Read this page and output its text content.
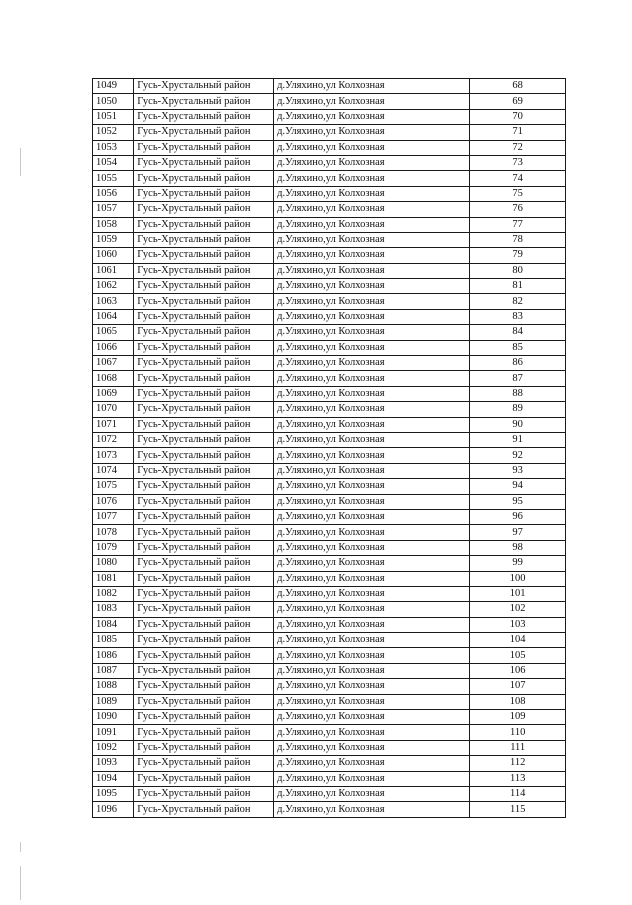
1049	Гусь-Хрустальный район	д.Уляхино,ул Колхозная	68
1050	Гусь-Хрустальный район	д.Уляхино,ул Колхозная	69
1051	Гусь-Хрустальный район	д.Уляхино,ул Колхозная	70
1052	Гусь-Хрустальный район	д.Уляхино,ул Колхозная	71
1053	Гусь-Хрустальный район	д.Уляхино,ул Колхозная	72
1054	Гусь-Хрустальный район	д.Уляхино,ул Колхозная	73
1055	Гусь-Хрустальный район	д.Уляхино,ул Колхозная	74
1056	Гусь-Хрустальный район	д.Уляхино,ул Колхозная	75
1057	Гусь-Хрустальный район	д.Уляхино,ул Колхозная	76
1058	Гусь-Хрустальный район	д.Уляхино,ул Колхозная	77
1059	Гусь-Хрустальный район	д.Уляхино,ул Колхозная	78
1060	Гусь-Хрустальный район	д.Уляхино,ул Колхозная	79
1061	Гусь-Хрустальный район	д.Уляхино,ул Колхозная	80
1062	Гусь-Хрустальный район	д.Уляхино,ул Колхозная	81
1063	Гусь-Хрустальный район	д.Уляхино,ул Колхозная	82
1064	Гусь-Хрустальный район	д.Уляхино,ул Колхозная	83
1065	Гусь-Хрустальный район	д.Уляхино,ул Колхозная	84
1066	Гусь-Хрустальный район	д.Уляхино,ул Колхозная	85
1067	Гусь-Хрустальный район	д.Уляхино,ул Колхозная	86
1068	Гусь-Хрустальный район	д.Уляхино,ул Колхозная	87
1069	Гусь-Хрустальный район	д.Уляхино,ул Колхозная	88
1070	Гусь-Хрустальный район	д.Уляхино,ул Колхозная	89
1071	Гусь-Хрустальный район	д.Уляхино,ул Колхозная	90
1072	Гусь-Хрустальный район	д.Уляхино,ул Колхозная	91
1073	Гусь-Хрустальный район	д.Уляхино,ул Колхозная	92
1074	Гусь-Хрустальный район	д.Уляхино,ул Колхозная	93
1075	Гусь-Хрустальный район	д.Уляхино,ул Колхозная	94
1076	Гусь-Хрустальный район	д.Уляхино,ул Колхозная	95
1077	Гусь-Хрустальный район	д.Уляхино,ул Колхозная	96
1078	Гусь-Хрустальный район	д.Уляхино,ул Колхозная	97
1079	Гусь-Хрустальный район	д.Уляхино,ул Колхозная	98
1080	Гусь-Хрустальный район	д.Уляхино,ул Колхозная	99
1081	Гусь-Хрустальный район	д.Уляхино,ул Колхозная	100
1082	Гусь-Хрустальный район	д.Уляхино,ул Колхозная	101
1083	Гусь-Хрустальный район	д.Уляхино,ул Колхозная	102
1084	Гусь-Хрустальный район	д.Уляхино,ул Колхозная	103
1085	Гусь-Хрустальный район	д.Уляхино,ул Колхозная	104
1086	Гусь-Хрустальный район	д.Уляхино,ул Колхозная	105
1087	Гусь-Хрустальный район	д.Уляхино,ул Колхозная	106
1088	Гусь-Хрустальный район	д.Уляхино,ул Колхозная	107
1089	Гусь-Хрустальный район	д.Уляхино,ул Колхозная	108
1090	Гусь-Хрустальный район	д.Уляхино,ул Колхозная	109
1091	Гусь-Хрустальный район	д.Уляхино,ул Колхозная	110
1092	Гусь-Хрустальный район	д.Уляхино,ул Колхозная	111
1093	Гусь-Хрустальный район	д.Уляхино,ул Колхозная	112
1094	Гусь-Хрустальный район	д.Уляхино,ул Колхозная	113
1095	Гусь-Хрустальный район	д.Уляхино,ул Колхозная	114
1096	Гусь-Хрустальный район	д.Уляхино,ул Колхозная	115
